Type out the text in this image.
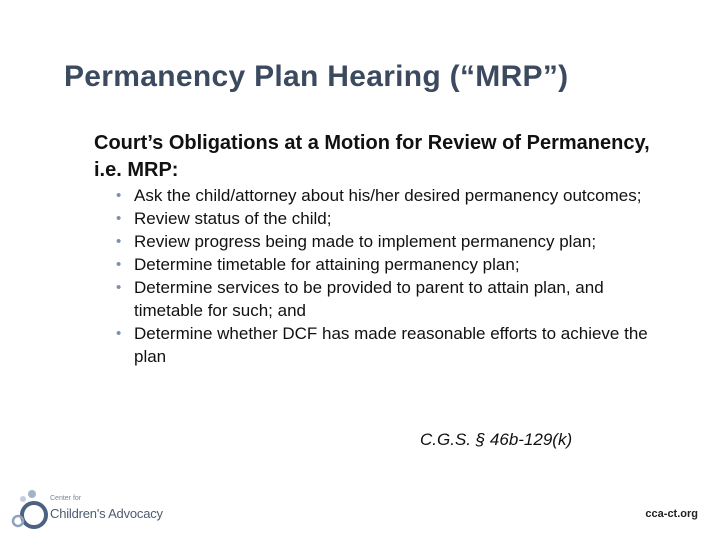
Permanency Plan Hearing (“MRP”)
Court’s Obligations at a Motion for Review of Permanency, i.e. MRP:
• Ask the child/attorney about his/her desired permanency outcomes;
• Review status of the child;
• Review progress being made to implement permanency plan;
• Determine timetable for attaining permanency plan;
• Determine services to be provided to parent to attain plan, and timetable for such; and
• Determine whether DCF has made reasonable efforts to achieve the plan
C.G.S. § 46b-129(k)
Center for
Children's Advocacy	cca-ct.org
